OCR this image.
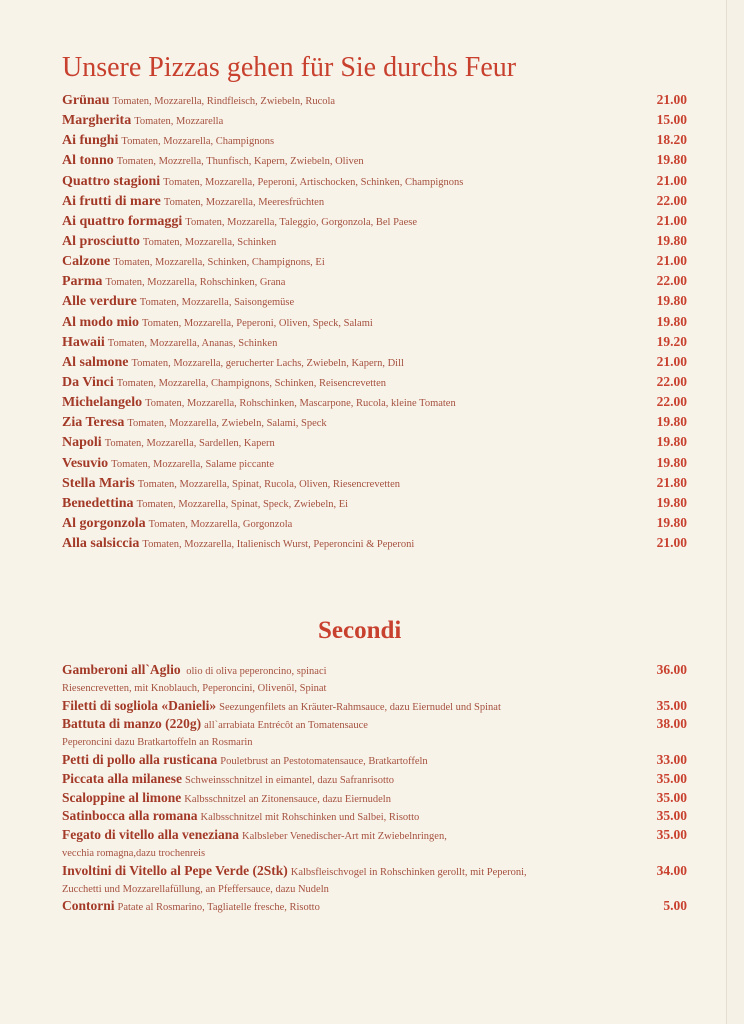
Unsere Pizzas gehen für Sie durchs Feur
Grünau Tomaten, Mozzarella, Rindfleisch, Zwiebeln, Rucola	21.00
Margherita Tomaten, Mozzarella	15.00
Ai funghi Tomaten, Mozzarella, Champignons	18.20
Al tonno Tomaten, Mozzrella, Thunfisch, Kapern, Zwiebeln, Oliven	19.80
Quattro stagioni Tomaten, Mozzarella, Peperoni, Artischocken, Schinken, Champignons	21.00
Ai frutti di mare Tomaten, Mozzarella, Meeresfrüchten	22.00
Ai quattro formaggi Tomaten, Mozzarella, Taleggio, Gorgonzola, Bel Paese	21.00
Al prosciutto Tomaten, Mozzarella, Schinken	19.80
Calzone Tomaten, Mozzarella, Schinken, Champignons, Ei	21.00
Parma Tomaten, Mozzarella, Rohschinken, Grana	22.00
Alle verdure Tomaten, Mozzarella, Saisongemüse	19.80
Al modo mio Tomaten, Mozzarella, Peperoni, Oliven, Speck, Salami	19.80
Hawaii Tomaten, Mozzarella, Ananas, Schinken	19.20
Al salmone Tomaten, Mozzarella, gerucherter Lachs, Zwiebeln, Kapern, Dill	21.00
Da Vinci Tomaten, Mozzarella, Champignons, Schinken, Reisencrevetten	22.00
Michelangelo Tomaten, Mozzarella, Rohschinken, Mascarpone, Rucola, kleine Tomaten	22.00
Zia Teresa Tomaten, Mozzarella, Zwiebeln, Salami, Speck	19.80
Napoli Tomaten, Mozzarella, Sardellen, Kapern	19.80
Vesuvio Tomaten, Mozzarella, Salame piccante	19.80
Stella Maris Tomaten, Mozzarella, Spinat, Rucola, Oliven, Riesencrevetten	21.80
Benedettina Tomaten, Mozzarella, Spinat, Speck, Zwiebeln, Ei	19.80
Al gorgonzola Tomaten, Mozzarella, Gorgonzola	19.80
Alla salsiccia Tomaten, Mozzarella, Italienisch Wurst, Peperoncini & Peperoni	21.00
Secondi
Gamberoni all`Aglio olio di oliva peperoncino, spinaci	36.00
Riesencrevetten, mit Knoblauch, Peperoncini, Olivenöl, Spinat
Filetti di sogliola «Danieli» Seezungenfilets an Kräuter-Rahmsauce, dazu Eiernudel und Spinat	35.00
Battuta di manzo (220g) all`arrabiata Entrécôt an Tomatensauce	38.00
Peperoncini dazu Bratkartoffeln an Rosmarin
Petti di pollo alla rusticana Pouletbrust an Pestotomatensauce, Bratkartoffeln	33.00
Piccata alla milanese Schweinsschnitzel in eimantel, dazu Safranrisotto	35.00
Scaloppine al limone Kalbsschnitzel an Zitonensauce, dazu Eiernudeln	35.00
Satinbocca alla romana Kalbsschnitzel mit Rohschinken und Salbei, Risotto	35.00
Fegato di vitello alla veneziana Kalbsleber Venedischer-Art mit Zwiebelnringen,	35.00
vecchia romagna,dazu trochenreis
Involtini di Vitello al Pepe Verde (2Stk) Kalbsfleischvogel in Rohschinken gerollt, mit Peperoni,	34.00
Zucchetti und Mozzarellafüllung, an Pfeffersauce, dazu Nudeln
Contorni Patate al Rosmarino, Tagliatelle fresche, Risotto	5.00
